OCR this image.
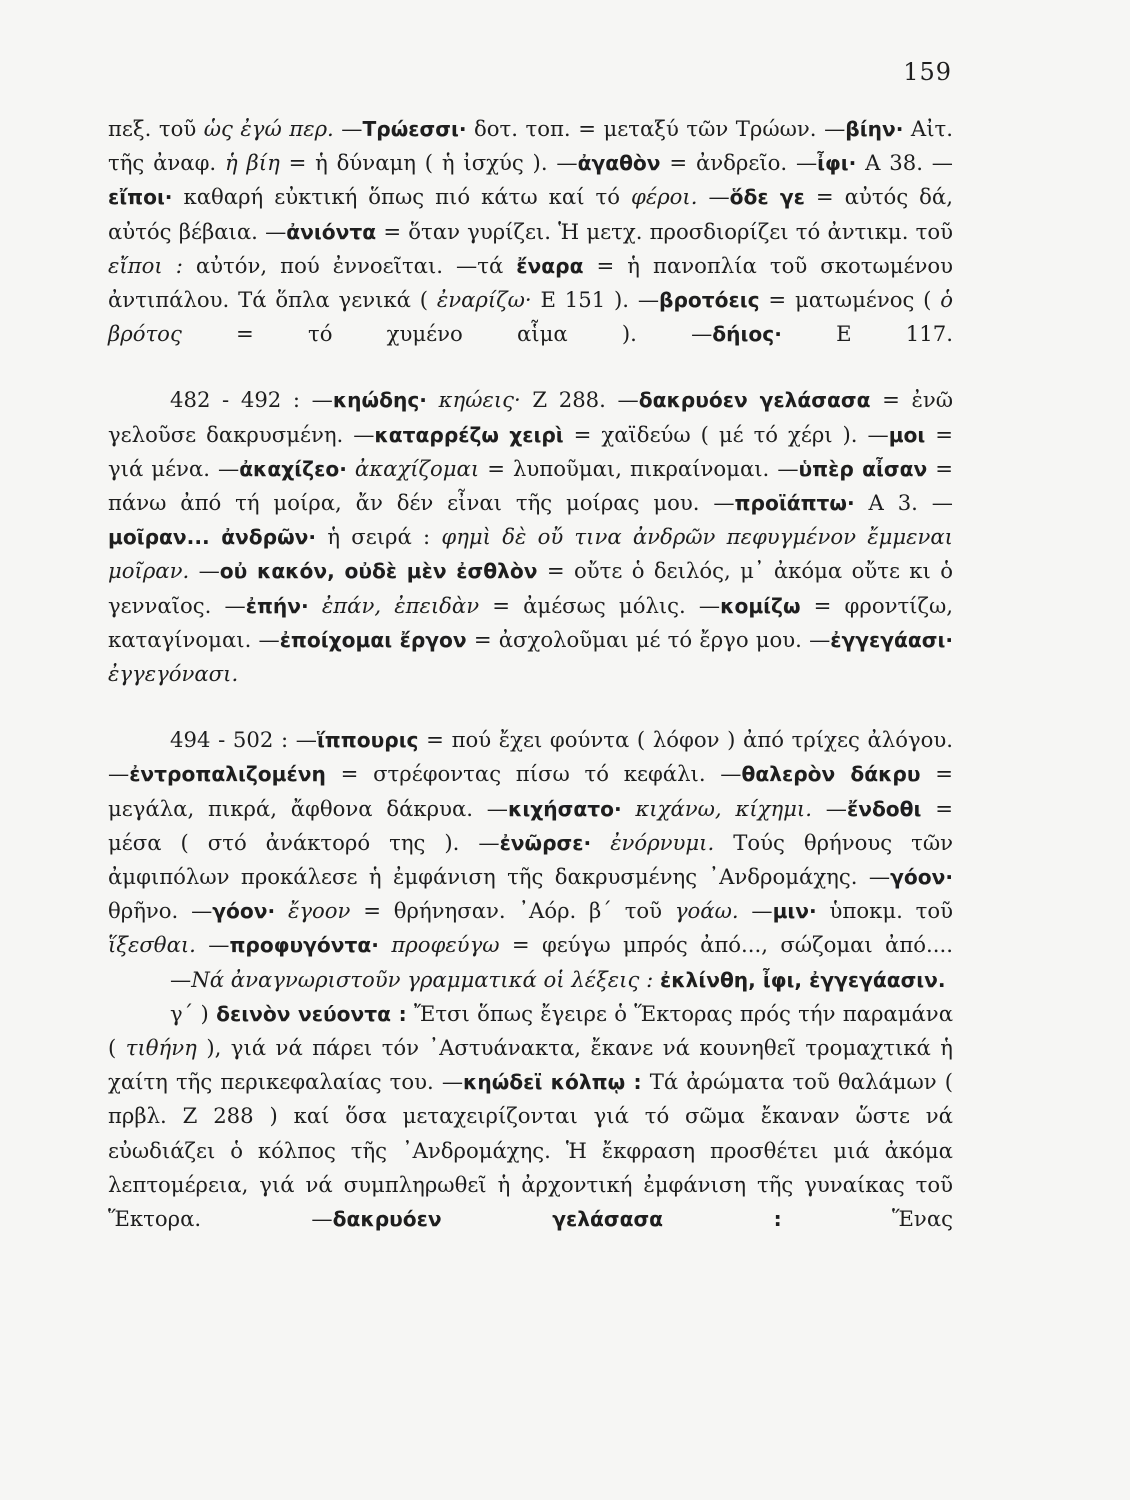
159

πεξ. τοῦ ὡς ἐγώ περ. —Τρώεσσι· δοτ. τοπ. = μεταξύ τῶν Τρώων. —βίην· Αἰτ. τῆς ἀναφ. ἡ βίη = ἡ δύναμη ( ἡ ἰσχύς ). —ἀγαθὸν = ἀνδρεῖο. —ἶφι· Α 38. —εἴποι· καθαρή εὐκτική ὅπως πιό κάτω καί τό φέροι. —ὅδε γε = αὐτός δά, αὐτός βέβαια. —ἀνιόντα = ὅταν γυρίζει. Ἡ μετχ. προσδιορίζει τό ἀντικμ. τοῦ εἴποι : αὐτόν, πού ἐννοεῖται. —τά ἔναρα = ἡ πανοπλία τοῦ σκοτωμένου ἀντιπάλου. Τά ὅπλα γενικά ( ἐναρίζω· Ε 151 ). —βροτόεις = ματωμένος ( ὁ βρότος = τό χυμένο αἷμα ). —δήιος· Ε 117.

482 - 492 : —κηώδης· κηώεις· Ζ 288. —δακρυόεν γελάσασα = ἐνῶ γελοῦσε δακρυσμένη. —καταρρέζω χειρὶ = χαϊδεύω ( μέ τό χέρι ). —μοι = γιά μένα. —ἀκαχίζεο· ἀκαχίζομαι = λυποῦμαι, πικραίνομαι. —ὑπὲρ αἶσαν = πάνω ἀπό τή μοίρα, ἄν δέν εἶναι τῆς μοίρας μου. —προϊάπτω· Α 3. —μοῖραν... ἀνδρῶν· ἡ σειρά : φημὶ δὲ οὔ τινα ἀνδρῶν πεφυγμένον ἔμμεναι μοῖραν. —οὐ κακόν, οὐδὲ μὲν ἐσθλὸν = οὔτε ὁ δειλός, μ᾽ ἀκόμα οὔτε κι ὁ γενναῖος. —ἐπήν· ἐπάν, ἐπειδὰν = ἀμέσως μόλις. —κομίζω = φροντίζω, καταγίνομαι. —ἐποίχομαι ἔργον = ἀσχολοῦμαι μέ τό ἔργο μου. —ἐγγεγάασι· ἐγγεγόνασι.

494 - 502 : —ἵππουρις = πού ἔχει φούντα ( λόφον ) ἀπό τρίχες ἀλόγου. —ἐντροπαλιζομένη = στρέφοντας πίσω τό κεφάλι. —θαλερὸν δάκρυ = μεγάλα, πικρά, ἄφθονα δάκρυα. —κιχήσατο· κιχάνω, κίχημι. —ἔνδοθι = μέσα ( στό ἀνάκτορό της ). —ἐνῶρσε· ἐνόρνυμι. Τούς θρήνους τῶν ἀμφιπόλων προκάλεσε ἡ ἐμφάνιση τῆς δακρυσμένης ᾿Ανδρομάχης. —γόον· θρῆνο. —γόον· ἔγοον = θρήνησαν. ᾿Αόρ. β΄ τοῦ γοάω. —μιν· ὑποκμ. τοῦ ἵξεσθαι. —προφυγόντα· προφεύγω = φεύγω μπρός ἀπό..., σώζομαι ἀπό....

—Νά ἀναγνωριστοῦν γραμματικά οἱ λέξεις : ἐκλίνθη, ἶφι, ἐγγεγάασιν.

γ΄ ) δεινὸν νεύοντα : Ἔτσι ὅπως ἔγειρε ὁ Ἕκτορας πρός τήν παραμάνα ( τιθήνη ), γιά νά πάρει τόν ᾿Αστυάνακτα, ἔκανε νά κουνηθεῖ τρομαχτικά ἡ χαίτη τῆς περικεφαλαίας του. —κηώδεϊ κόλπῳ : Τά ἀρώματα τοῦ θαλάμων ( πρβλ. Ζ 288 ) καί ὅσα μεταχειρίζονται γιά τό σῶμα ἔκαναν ὥστε νά εὐωδιάζει ὁ κόλπος τῆς ᾿Ανδρομάχης. Ἡ ἔκφραση προσθέτει μιά ἀκόμα λεπτομέρεια, γιά νά συμπληρωθεῖ ἡ ἀρχοντική ἐμφάνιση τῆς γυναίκας τοῦ Ἕκτορα. —δακρυόεν γελάσασα : Ἕνας
